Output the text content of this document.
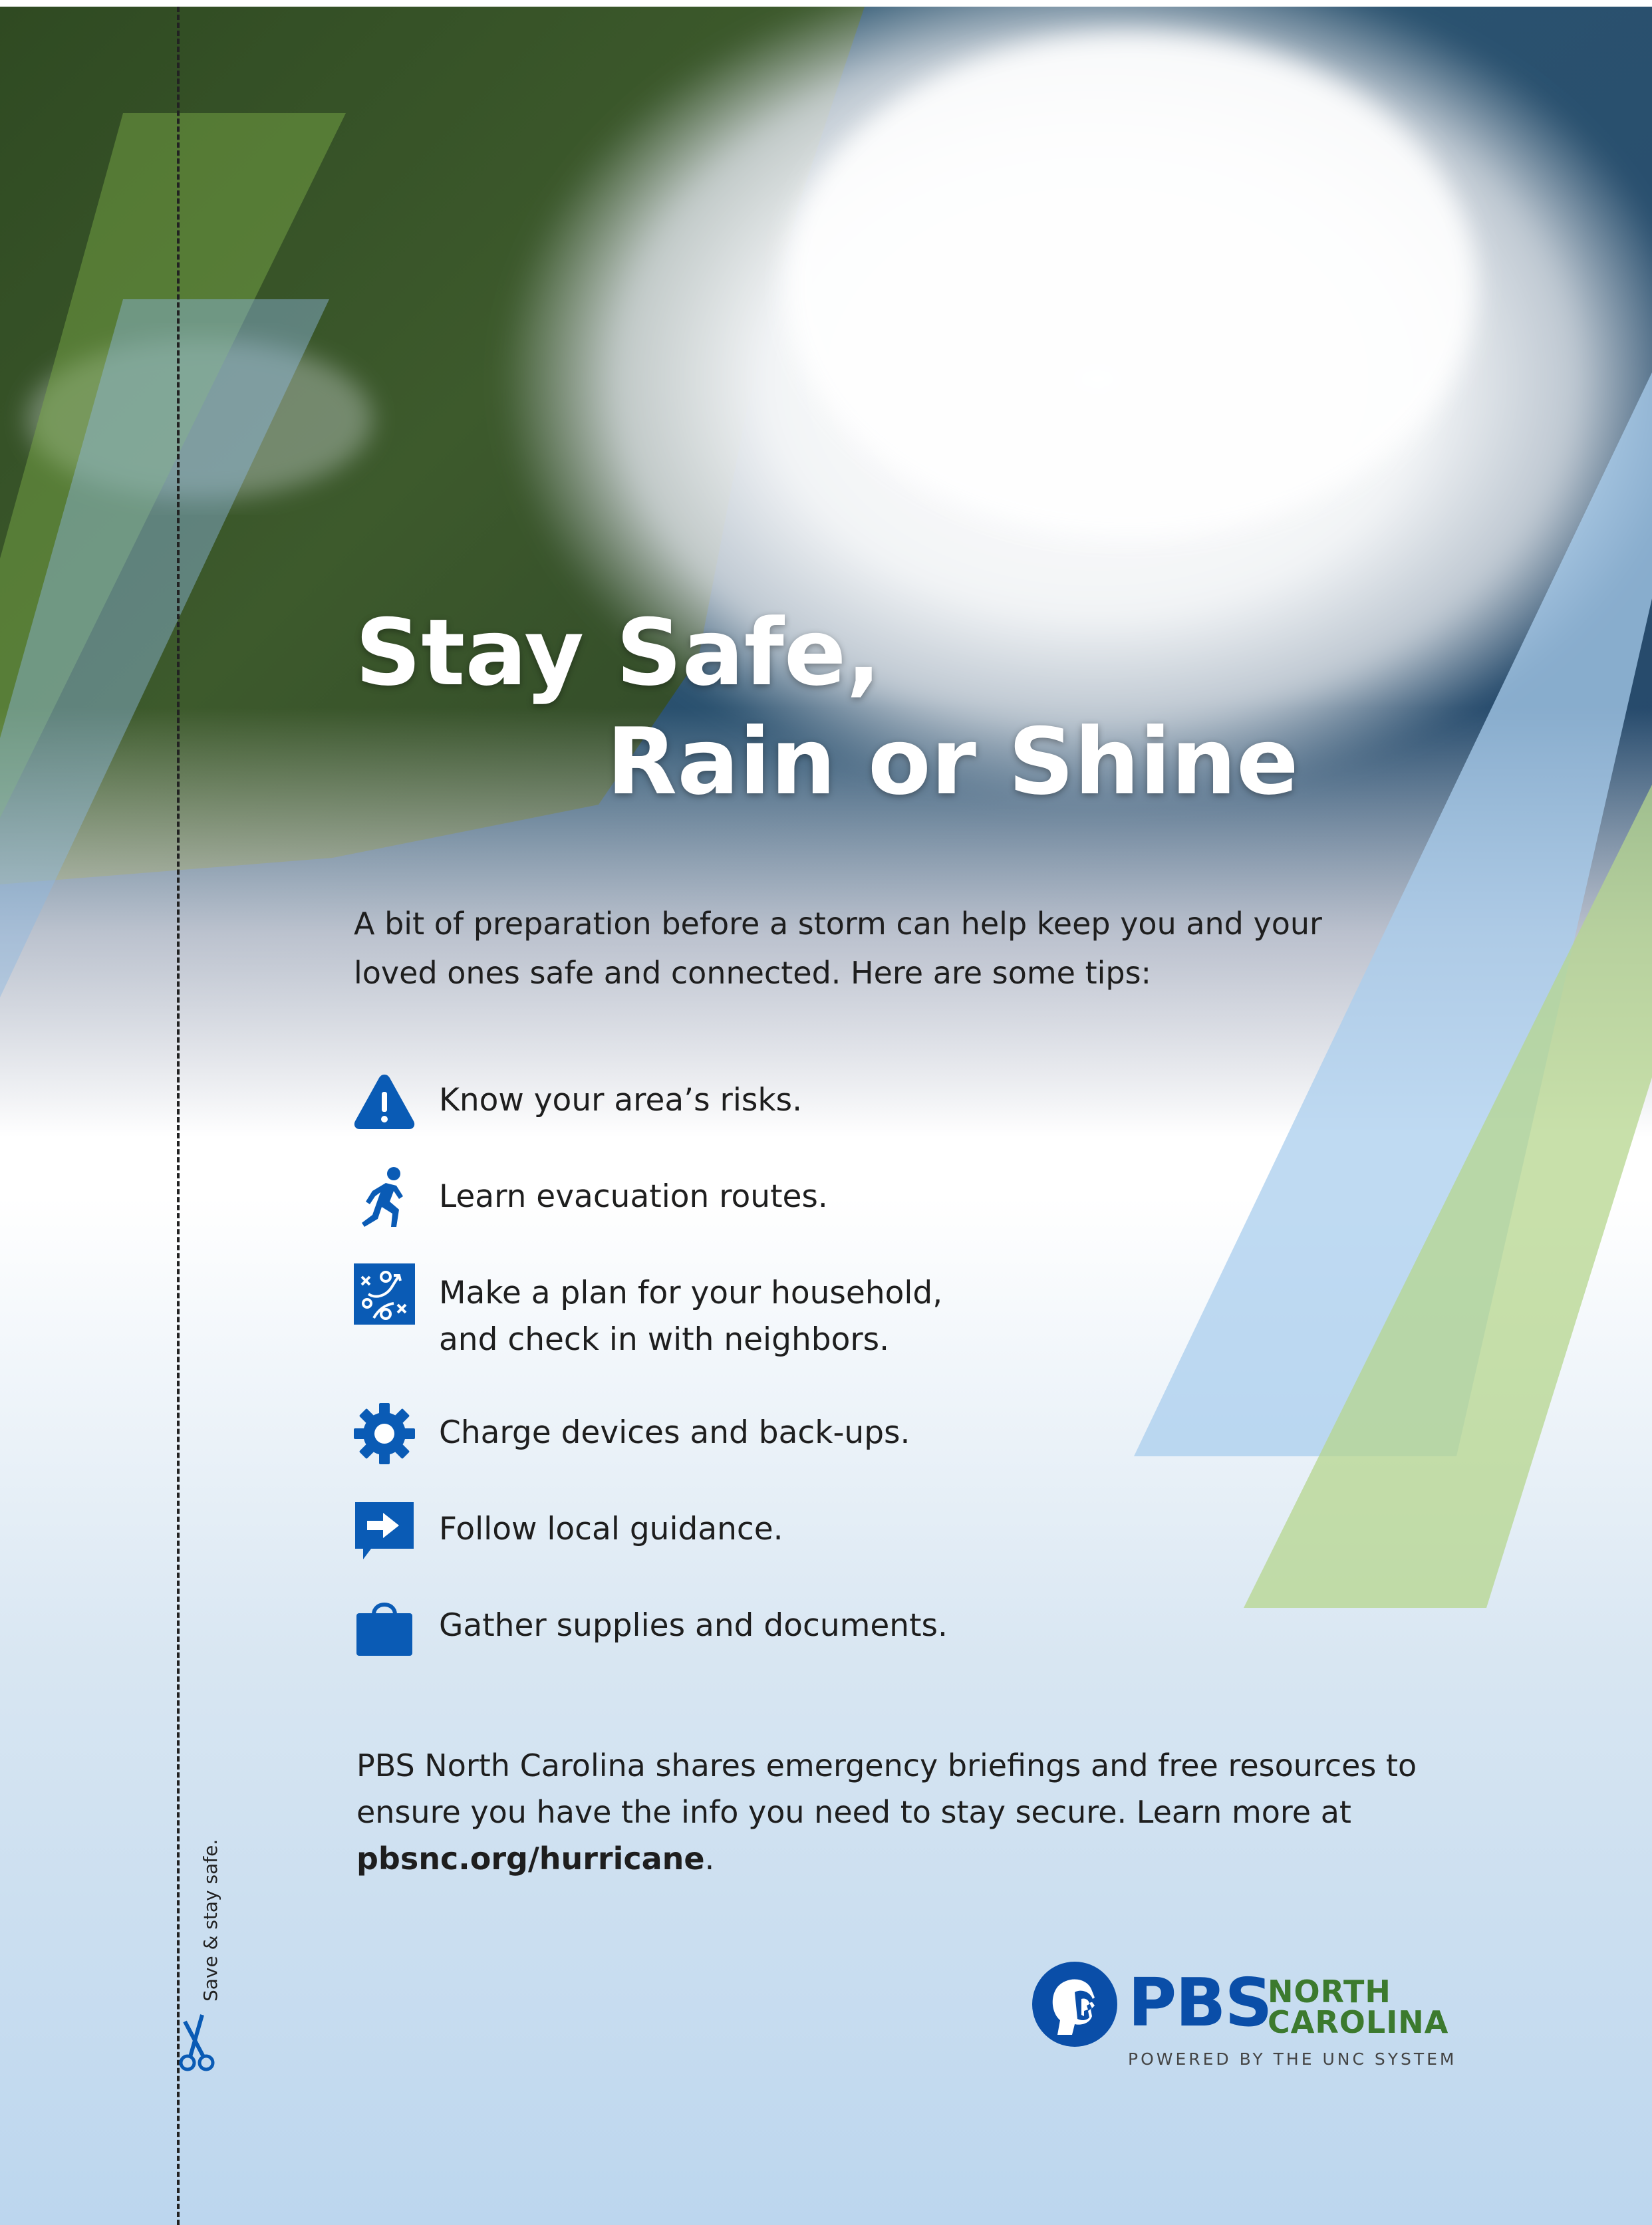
Save & stay safe.
Stay Safe,
Rain or Shine

A bit of preparation before a storm can help keep you and your loved ones safe and connected. Here are some tips:

Know your area’s risks.
Learn evacuation routes.
Make a plan for your household,
and check in with neighbors.
Charge devices and back-ups.
Follow local guidance.
Gather supplies and documents.

PBS North Carolina shares emergency briefings and free resources to ensure you have the info you need to stay secure. Learn more at pbsnc.org/hurricane.

PBS
NORTH
CAROLINA
POWERED BY THE UNC SYSTEM
